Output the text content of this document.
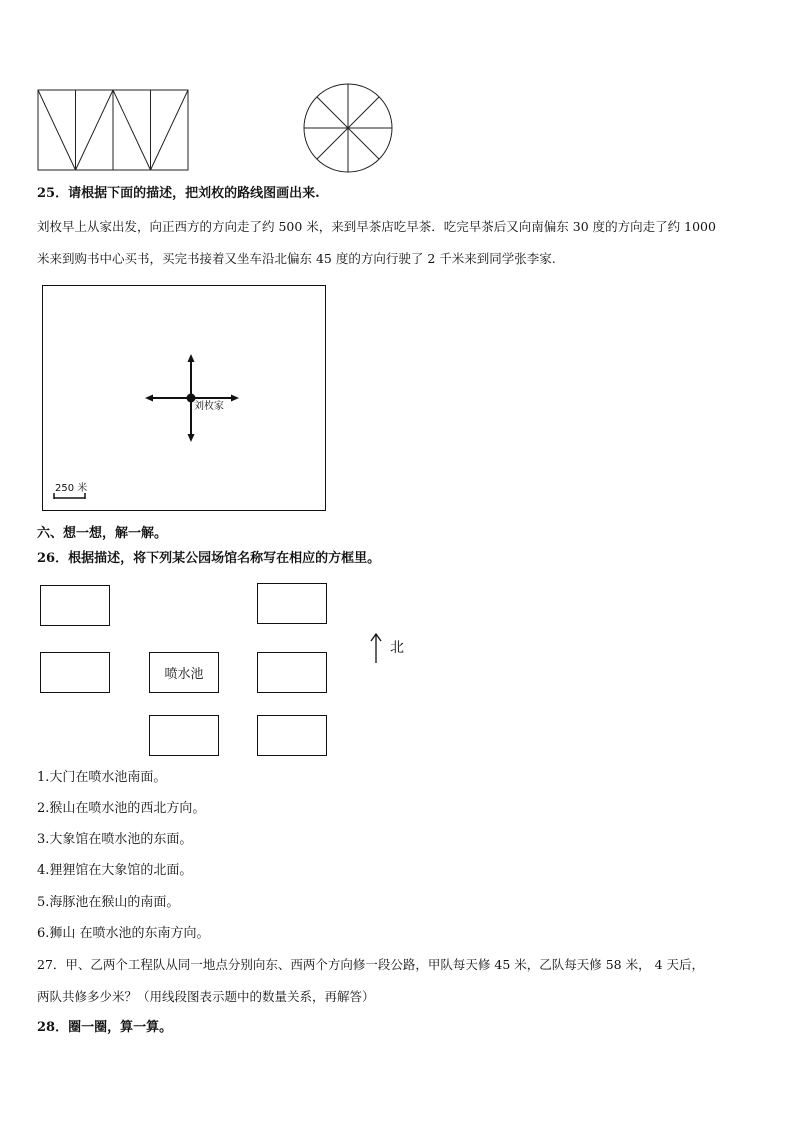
25．请根据下面的描述，把刘枚的路线图画出来.
刘枚早上从家出发，向正西方的方向走了约 500 米，来到早茶店吃早茶．吃完早茶后又向南偏东 30 度的方向走了约 1000
米来到购书中心买书，买完书接着又坐车沿北偏东 45 度的方向行驶了 2 千米来到同学张李家.
刘枚家
250 米
六、想一想，解一解。
26．根据描述，将下列某公园场馆名称写在相应的方框里。
喷水池
北
1.大门在喷水池南面。
2.猴山在喷水池的西北方向。
3.大象馆在喷水池的东面。
4.狸狸馆在大象馆的北面。
5.海豚池在猴山的南面。
6.狮山 在喷水池的东南方向。
27．甲、乙两个工程队从同一地点分别向东、西两个方向修一段公路，甲队每天修 45 米，乙队每天修 58 米， 4 天后，
两队共修多少米？（用线段图表示题中的数量关系，再解答）
28．圈一圈，算一算。
